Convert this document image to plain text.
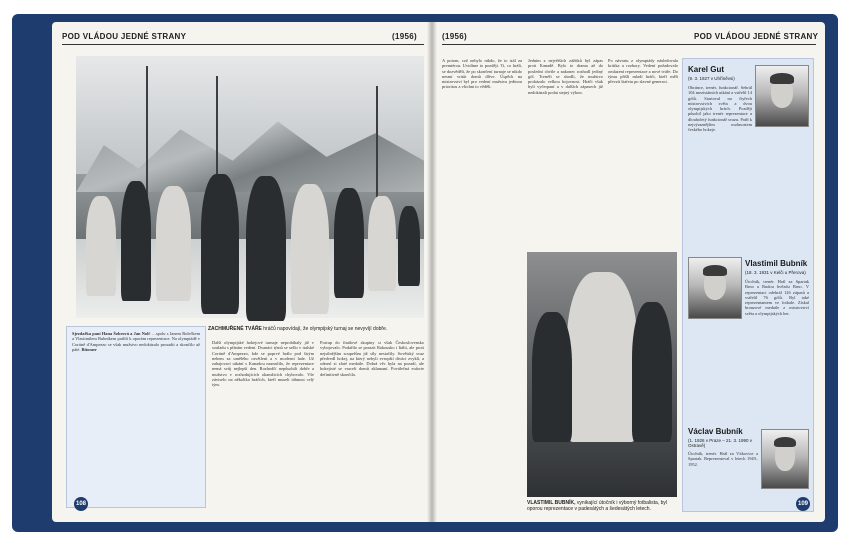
POD VLÁDOU JEDNÉ STRANY	(1956)
Sjezdařka paní Hana Šobrová a Jan Nolč …spolu s Janem Rolečkem a Vlastimilem Bubníkem patřili k oporám reprezentace. Na olympiádě v Cortině d'Ampezzo se však mužstvo nedokázalo prosadit a skončilo až páté. Bitomer
ZACHMUŘENÉ TVÁŘE hráčů napovídají, že olympijský turnaj se nevyvíjí dobře.
Další olympijské hokejové turnaje neprobíhaly již v souladu s přáním vedení. Dvanáct týmů se sešlo v italské Cortině d'Ampezzo, kde se poprvé hrálo pod širým nebem za umělého osvětlení a v moderní hale. Už zahajovací utkání s Kanadou naznačilo, že reprezentace nemá svůj nejlepší den. Rozhodčí nepůsobili dobře a mužstvo v rozhodujících okamžicích chybovalo. Vše záviselo na několika hráčích, kteří museli táhnout celý tým.
Postup do finálové skupiny si však Československo vybojovalo. Podařilo se porazit Rakousko i Itálii, ale proti nejsilnějším soupeřům již síly nestačily. Sovětský svaz předvedl hokej, na který nebyli evropští diváci zvyklí, a odnesl si zlaté medaile. Dobrá věc byla na pozadí, ale hokejisté se vraceli domů zklamaní. Poválečná euforie definitivně skončila.
108
(1956)	POD VLÁDOU JEDNÉ STRANY
A potom, což nebylo nikdo, že to stál za premiérou. Uvidíme to později. Ti, co hráli, se dozvěděli, že po skončení turnaje se nikdo nesmí vrátit domů dříve. Úspěch na mistrovství byl pro vedení mužstva jedinou prioritou a všichni to věděli.
Jedním z největších zážitků byl zápas proti Kanadě. Bylo to drama až do poslední chvíle a nakonec rozhodl jediný gól. Trenéři se shodli, že mužstvo prokázalo velkou bojovnost. Hráči však byli vyčerpaní a v dalších zápasech již nedokázali podat stejný výkon.
Po návratu z olympiády následovala kritika a rozbory. Vedení požadovalo omlazení reprezentace a nové tváře. Do týmu přišli mladí hráči, kteří měli převzít štafetu po slavné generaci.
VLASTIMIL BUBNÍK, vynikající útočník i výborný fotbalista, byl oporou reprezentace v padesátých a šedesátých letech.
Karel Gut
(9. 3. 1927 v Uhříněvsi)
Obránce, trenér, funkcionář. Sehrál 104 mezistátních utkání a vstřelil 14 gólů. Startoval na čtyřech mistrovstvích světa a dvou olympijských hrách. Později působil jako trenér reprezentace a dlouholetý funkcionář svazu. Patří k nejvýraznějším osobnostem českého hokeje.
Vlastimil Bubník
(18. 3. 1931 v Kelči u Přerova)
Útočník, trenér. Hrál za Spartak Brno a Rudou hvězdu Brno. V reprezentaci odehrál 126 zápasů a vstřelil 76 gólů. Byl také reprezentantem ve fotbale. Získal bronzové medaile z mistrovství světa a olympijských her.
Václav Bubník
(1. 1926 v Praze – 21. 3. 1990 v Ostravě)
Útočník, trenér. Hrál za Vítkovice a Spartak. Reprezentoval v letech 1949–1952.
109
